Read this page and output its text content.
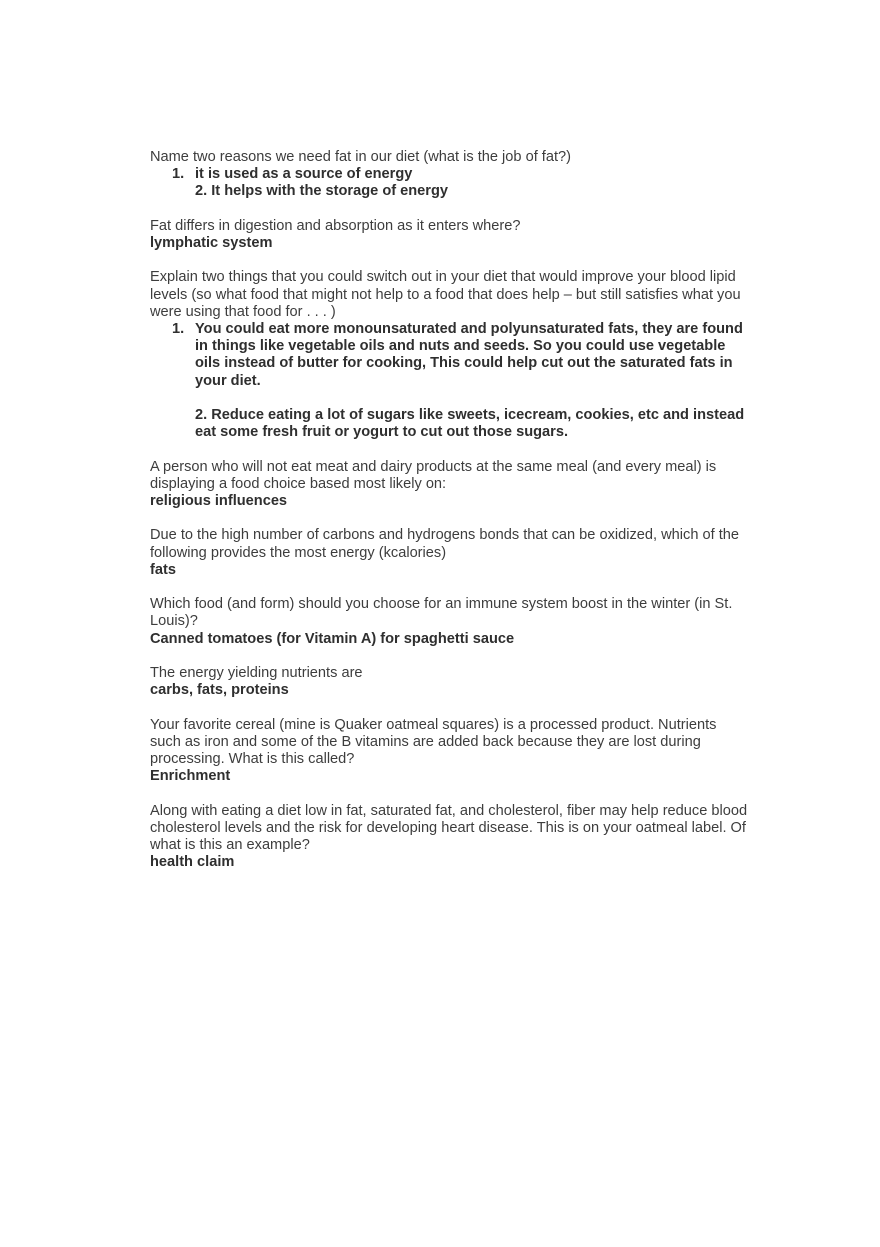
Name two reasons we need fat in our diet (what is the job of fat?)

1. it is used as a source of energy
2. It helps with the storage of energy

Fat differs in digestion and absorption as it enters where?

lymphatic system

Explain two things that you could switch out in your diet that would improve your blood lipid levels (so what food that might not help to a food that does help – but still satisfies what you were using that food for . . . )

1. You could eat more monounsaturated and polyunsaturated fats, they are found in things like vegetable oils and nuts and seeds. So you could use vegetable oils instead of butter for cooking, This could help cut out the saturated fats in your diet.
2. Reduce eating a lot of sugars like sweets, icecream, cookies, etc and instead eat some fresh fruit or yogurt to cut out those sugars.

A person who will not eat meat and dairy products at the same meal (and every meal) is displaying a food choice based most likely on:

religious influences

Due to the high number of carbons and hydrogens bonds that can be oxidized, which of the following provides the most energy (kcalories)

fats

Which food (and form) should you choose for an immune system boost in the winter (in St. Louis)?

Canned tomatoes (for Vitamin A) for spaghetti sauce

The energy yielding nutrients are

carbs, fats, proteins

Your favorite cereal (mine is Quaker oatmeal squares) is a processed product. Nutrients such as iron and some of the B vitamins are added back because they are lost during processing. What is this called?

Enrichment

Along with eating a diet low in fat, saturated fat, and cholesterol, fiber may help reduce blood cholesterol levels and the risk for developing heart disease. This is on your oatmeal label. Of what is this an example?

health claim
